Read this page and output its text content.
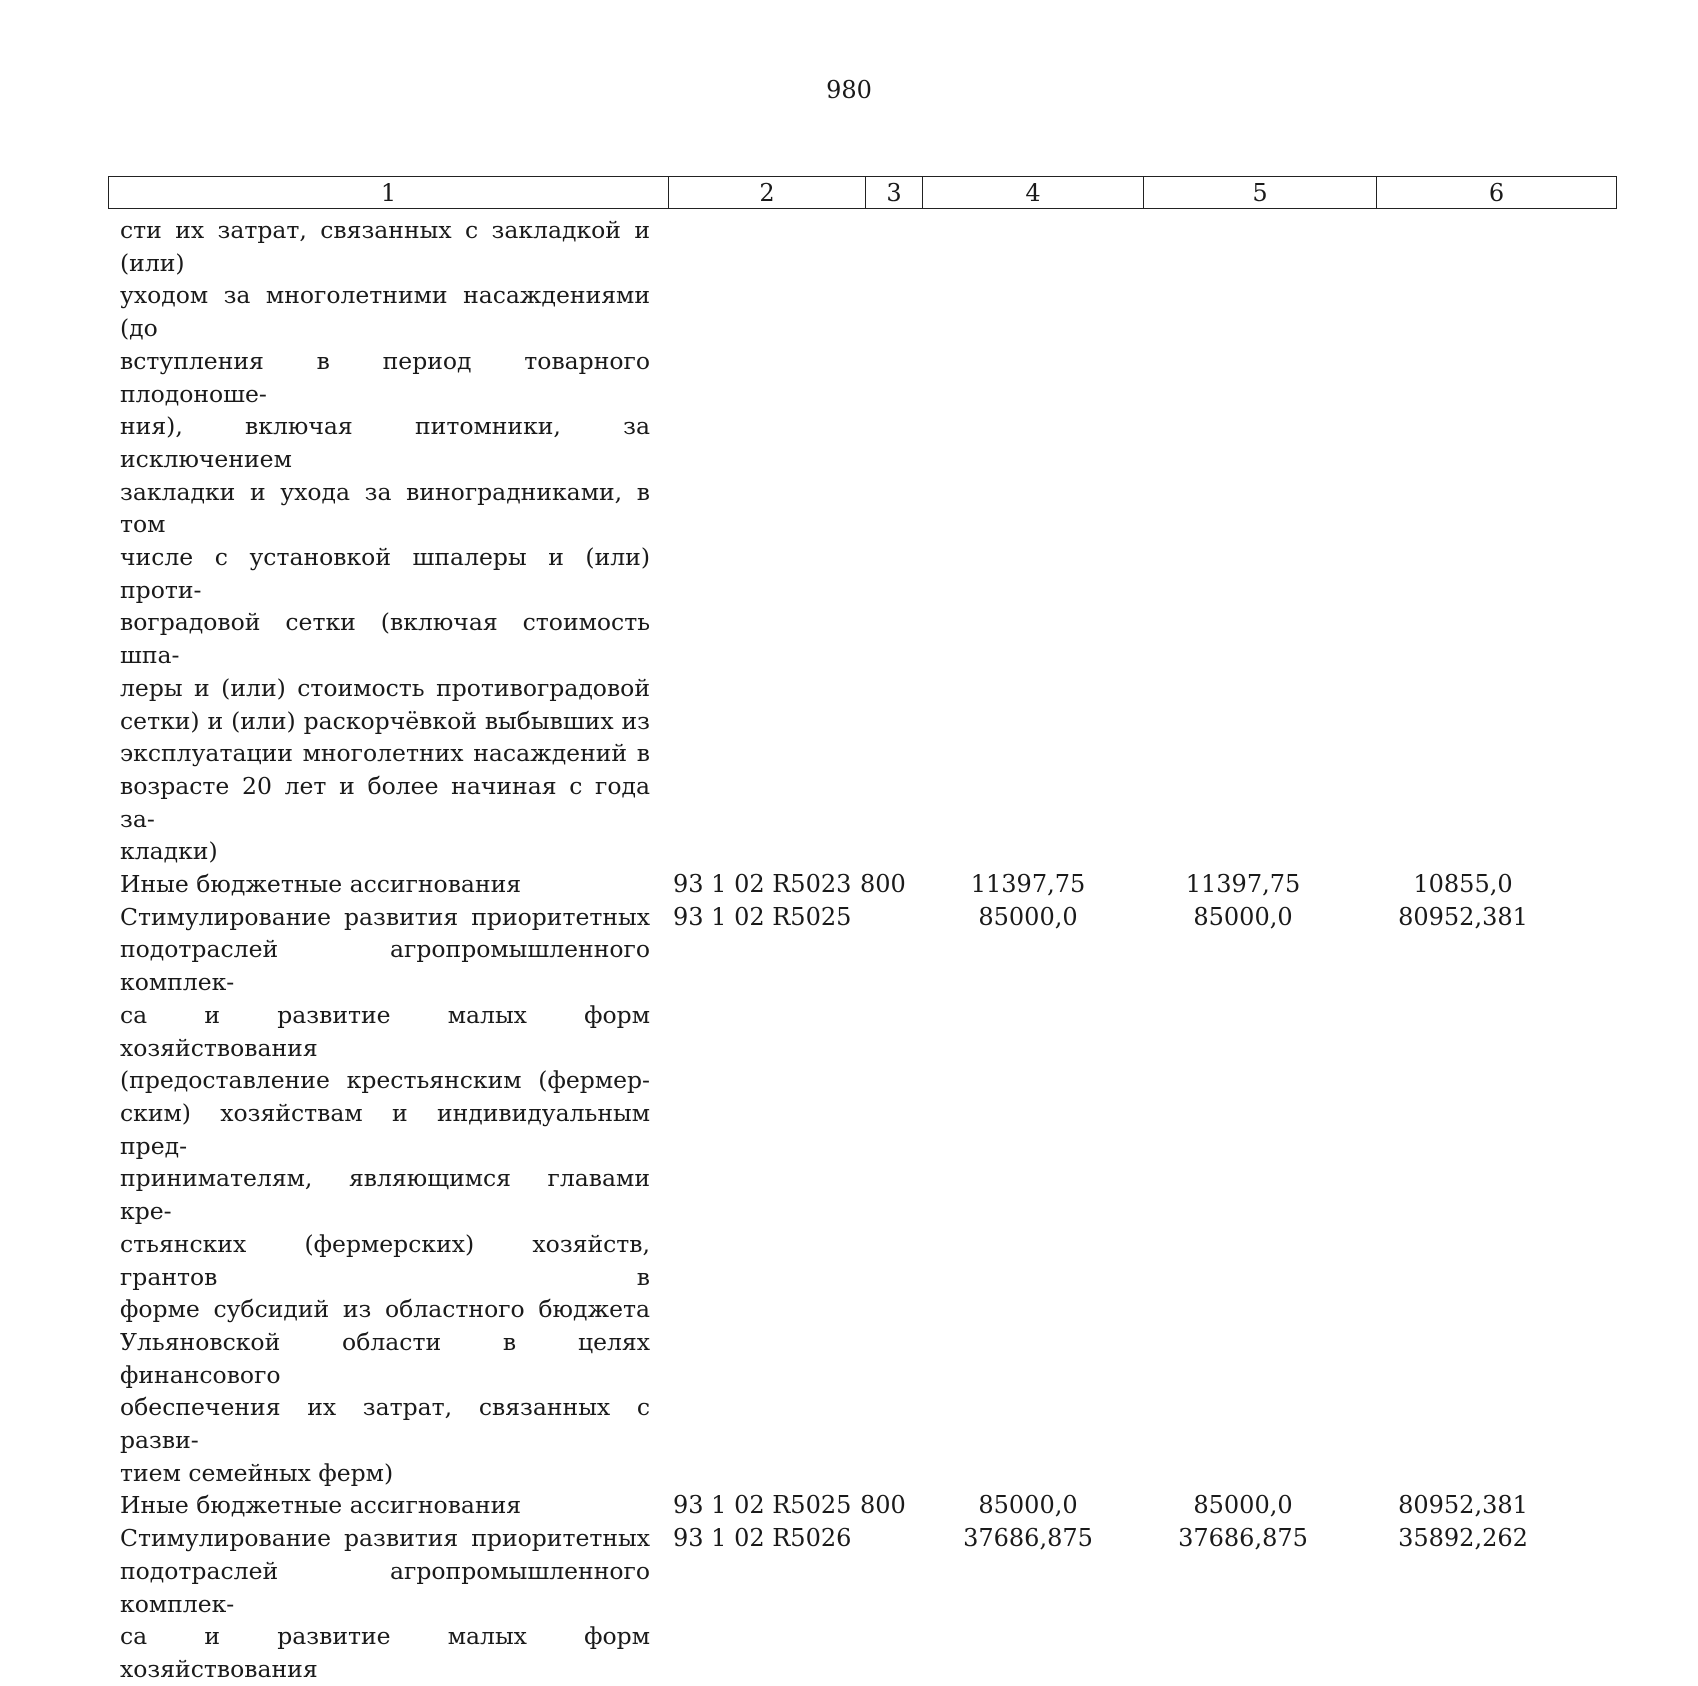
980
1	2	3	4	5	6
сти их затрат, связанных с закладкой и (или)
уходом за многолетними насаждениями (до
вступления в период товарного плодоноше-
ния), включая питомники, за исключением
закладки и ухода за виноградниками, в том
числе с установкой шпалеры и (или) проти-
воградовой сетки (включая стоимость шпа-
леры и (или) стоимость противоградовой
сетки) и (или) раскорчёвкой выбывших из
эксплуатации многолетних насаждений в
возрасте 20 лет и более начиная с года за-
кладки)
Иные бюджетные ассигнования	93 1 02 R5023 800	11397,75	11397,75	10855,0
Стимулирование развития приоритетных
подотраслей агропромышленного комплек-
са и развитие малых форм хозяйствования
(предоставление крестьянским (фермер-
ским) хозяйствам и индивидуальным пред-
принимателям, являющимся главами кре-
стьянских (фермерских) хозяйств, грантов в
форме субсидий из областного бюджета
Ульяновской области в целях финансового
обеспечения их затрат, связанных с разви-
тием семейных ферм)
93 1 02 R5025	85000,0	85000,0	80952,381
Иные бюджетные ассигнования	93 1 02 R5025 800	85000,0	85000,0	80952,381
Стимулирование развития приоритетных
подотраслей агропромышленного комплек-
са и развитие малых форм хозяйствования
93 1 02 R5026	37686,875	37686,875	35892,262
